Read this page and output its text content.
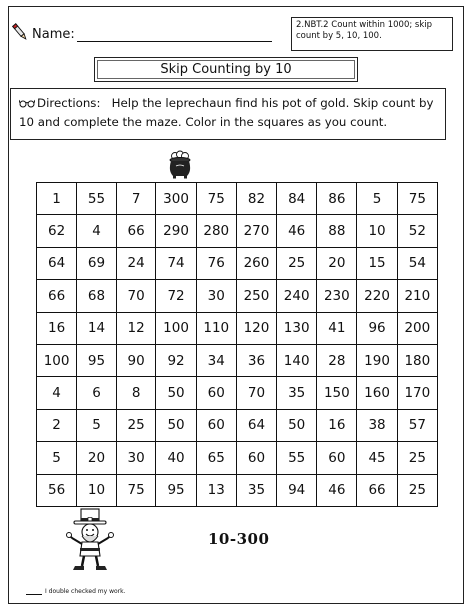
Name:
2.NBT.2 Count within 1000; skip count by 5, 10, 100.
Skip Counting by 10
Directions: Help the leprechaun find his pot of gold. Skip count by 10 and complete the maze. Color in the squares as you count.
1	55	7	300	75	82	84	86	5	75
62	4	66	290	280	270	46	88	10	52
64	69	24	74	76	260	25	20	15	54
66	68	70	72	30	250	240	230	220	210
16	14	12	100	110	120	130	41	96	200
100	95	90	92	34	36	140	28	190	180
4	6	8	50	60	70	35	150	160	170
2	5	25	50	60	64	50	16	38	57
5	20	30	40	65	60	55	60	45	25
56	10	75	95	13	35	94	46	66	25
10-300
I double checked my work.
